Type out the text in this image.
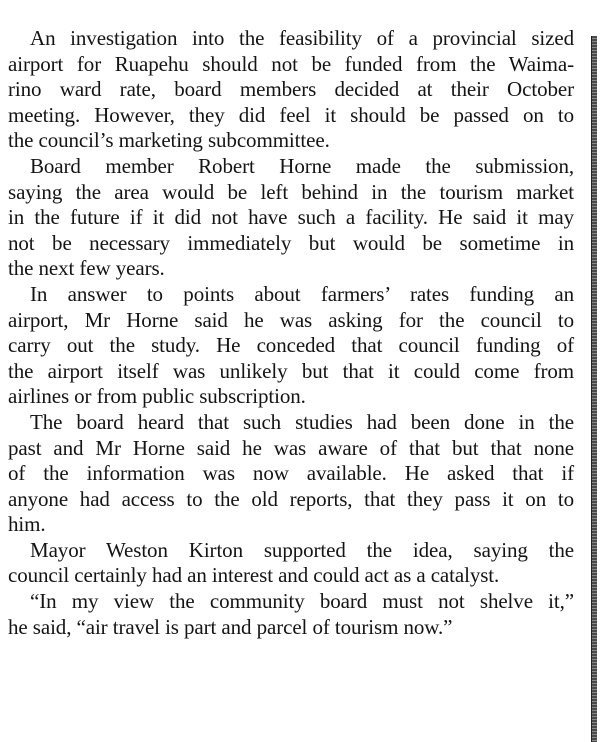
An investigation into the feasibility of a provincial sized
airport for Ruapehu should not be funded from the Waima-
rino ward rate, board members decided at their October
meeting. However, they did feel it should be passed on to
the council’s marketing subcommittee.
Board member Robert Horne made the submission,
saying the area would be left behind in the tourism market
in the future if it did not have such a facility. He said it may
not be necessary immediately but would be sometime in
the next few years.
In answer to points about farmers’ rates funding an
airport, Mr Horne said he was asking for the council to
carry out the study. He conceded that council funding of
the airport itself was unlikely but that it could come from
airlines or from public subscription.
The board heard that such studies had been done in the
past and Mr Horne said he was aware of that but that none
of the information was now available. He asked that if
anyone had access to the old reports, that they pass it on to
him.
Mayor Weston Kirton supported the idea, saying the
council certainly had an interest and could act as a catalyst.
“In my view the community board must not shelve it,”
he said, “air travel is part and parcel of tourism now.”
